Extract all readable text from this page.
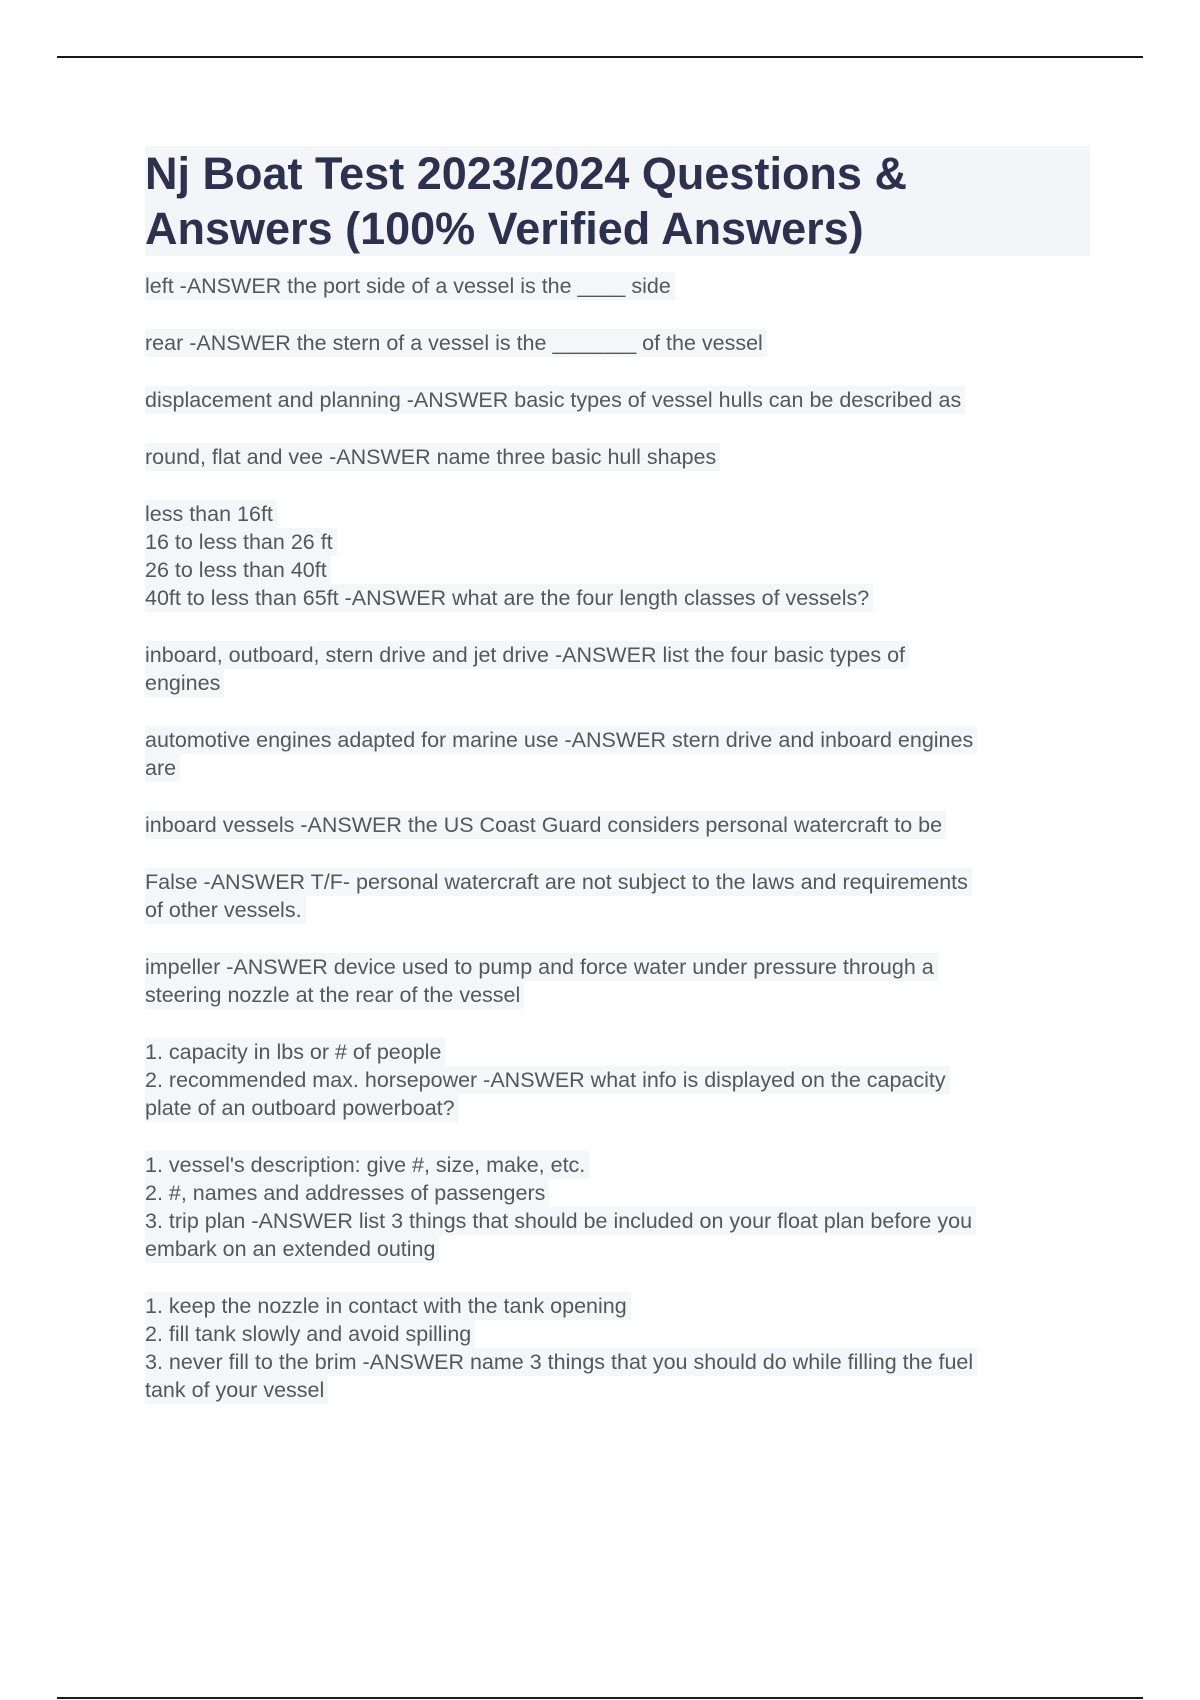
Nj Boat Test 2023/2024 Questions &
Answers (100% Verified Answers)
left -ANSWER the port side of a vessel is the ____ side
rear -ANSWER the stern of a vessel is the _______ of the vessel
displacement and planning -ANSWER basic types of vessel hulls can be described as
round, flat and vee -ANSWER name three basic hull shapes
less than 16ft
16 to less than 26 ft
26 to less than 40ft
40ft to less than 65ft -ANSWER what are the four length classes of vessels?
inboard, outboard, stern drive and jet drive -ANSWER list the four basic types of
engines
automotive engines adapted for marine use -ANSWER stern drive and inboard engines
are
inboard vessels -ANSWER the US Coast Guard considers personal watercraft to be
False -ANSWER T/F- personal watercraft are not subject to the laws and requirements
of other vessels.
impeller -ANSWER device used to pump and force water under pressure through a
steering nozzle at the rear of the vessel
1. capacity in lbs or # of people
2. recommended max. horsepower -ANSWER what info is displayed on the capacity
plate of an outboard powerboat?
1. vessel's description: give #, size, make, etc.
2. #, names and addresses of passengers
3. trip plan -ANSWER list 3 things that should be included on your float plan before you
embark on an extended outing
1. keep the nozzle in contact with the tank opening
2. fill tank slowly and avoid spilling
3. never fill to the brim -ANSWER name 3 things that you should do while filling the fuel
tank of your vessel
